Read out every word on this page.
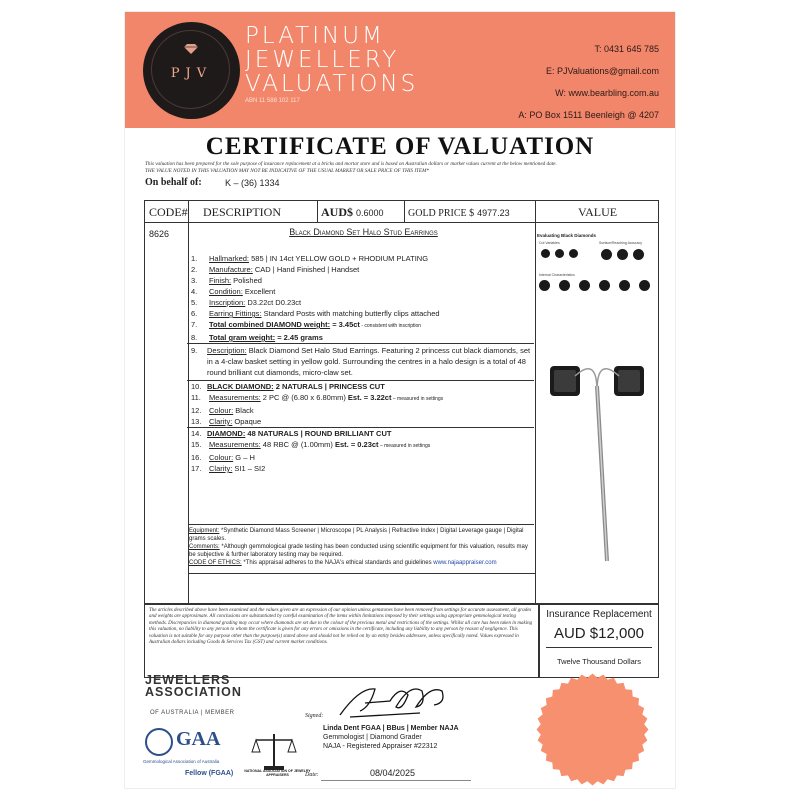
PJV
PLATINUM
JEWELLERY
VALUATIONS
ABN 11 588 102 117
T: 0431 645 785
E: PJValuations@gmail.com
W: www.bearbling.com.au
A: PO Box 1511 Beenleigh @ 4207
CERTIFICATE OF VALUATION
This valuation has been prepared for the sole purpose of insurance replacement at a bricks and mortar store and is based on Australian dollars or market values current at the below mentioned date.
THE VALUE NOTED IN THIS VALUATION MAY NOT BE INDICATIVE OF THE USUAL MARKET OR SALE PRICE OF THIS ITEM*
On behalf of:	K – (36) 1334
CODE# DESCRIPTION	AUD$ 0.6000 GOLD PRICE $ 4977.23	VALUE
8626	Black Diamond Set Halo Stud Earrings
1. Hallmarked: 585 | IN 14ct YELLOW GOLD + RHODIUM PLATING
2. Manufacture: CAD | Hand Finished | Handset
3. Finish: Polished
4. Condition: Excellent
5. Inscription: D3.22ct D0.23ct
6. Earring Fittings: Standard Posts with matching butterfly clips attached
7. Total combined DIAMOND weight: = 3.45ct - consistent with inscription
8. Total gram weight: = 2.45 grams
9. Description: Black Diamond Set Halo Stud Earrings. Featuring 2 princess cut black diamonds, set in a 4-claw basket setting in yellow gold. Surrounding the centres in a halo design is a total of 48 round brilliant cut diamonds, micro-claw set.
10. BLACK DIAMOND: 2 NATURALS | PRINCESS CUT
11. Measurements: 2 PC @ (6.80 x 6.80mm) Est. = 3.22ct – measured in settings
12. Colour: Black
13. Clarity: Opaque
14. DIAMOND: 48 NATURALS | ROUND BRILLIANT CUT
15. Measurements: 48 RBC @ (1.00mm) Est. = 0.23ct – measured in settings
16. Colour: G – H
17. Clarity: SI1 – SI2
Equipment: *Synthetic Diamond Mass Screener | Microscope | PL Analysis | Refractive Index | Digital Leverage gauge | Digital grams scales.
Comments: *Although gemmological grade testing has been conducted using scientific equipment for this valuation, results may be subjective & further laboratory testing may be required.
CODE OF ETHICS: *This appraisal adheres to the NAJA's ethical standards and guidelines www.najaappraiser.com
Evaluating Black Diamonds
Cut Variables	Surface/Reaching Accuracy
Internal Characteristics
The articles described above have been examined and the values given are an expression of our opinion unless gemstones have been removed from settings for accurate assessment, all grades and weights are approximate. All conclusions are substantiated by careful examination of the items within limitations imposed by their settings using appropriate gemmological testing methods. Discrepancies in diamond grading may occur where diamonds are set due to the colour of the precious metal and restrictions of the settings. Whilst all care has been taken in making this valuation, no liability to any person to whom the certificate is given for any errors or omissions in the certificate, including any liability to any person by reason of negligence. This valuation is not suitable for any purpose other than the purpose(s) stated above and should not be relied on by an entity besides addressee, unless specifically noted. Values expressed in Australian dollars including Goods & Services Tax (GST) and current market conditions.
Insurance Replacement
AUD $12,000
Twelve Thousand Dollars
JEWELLERS
ASSOCIATION
OF AUSTRALIA | MEMBER
GAA
Gemmological Association of Australia
Fellow (FGAA)	NATIONAL ASSOCIATION OF JEWELRY APPRAISERS
Signed:
Linda Dent FGAA | BBus | Member NAJA
Gemmologist | Diamond Grader
NAJA - Registered Appraiser #22312
Date:	08/04/2025
